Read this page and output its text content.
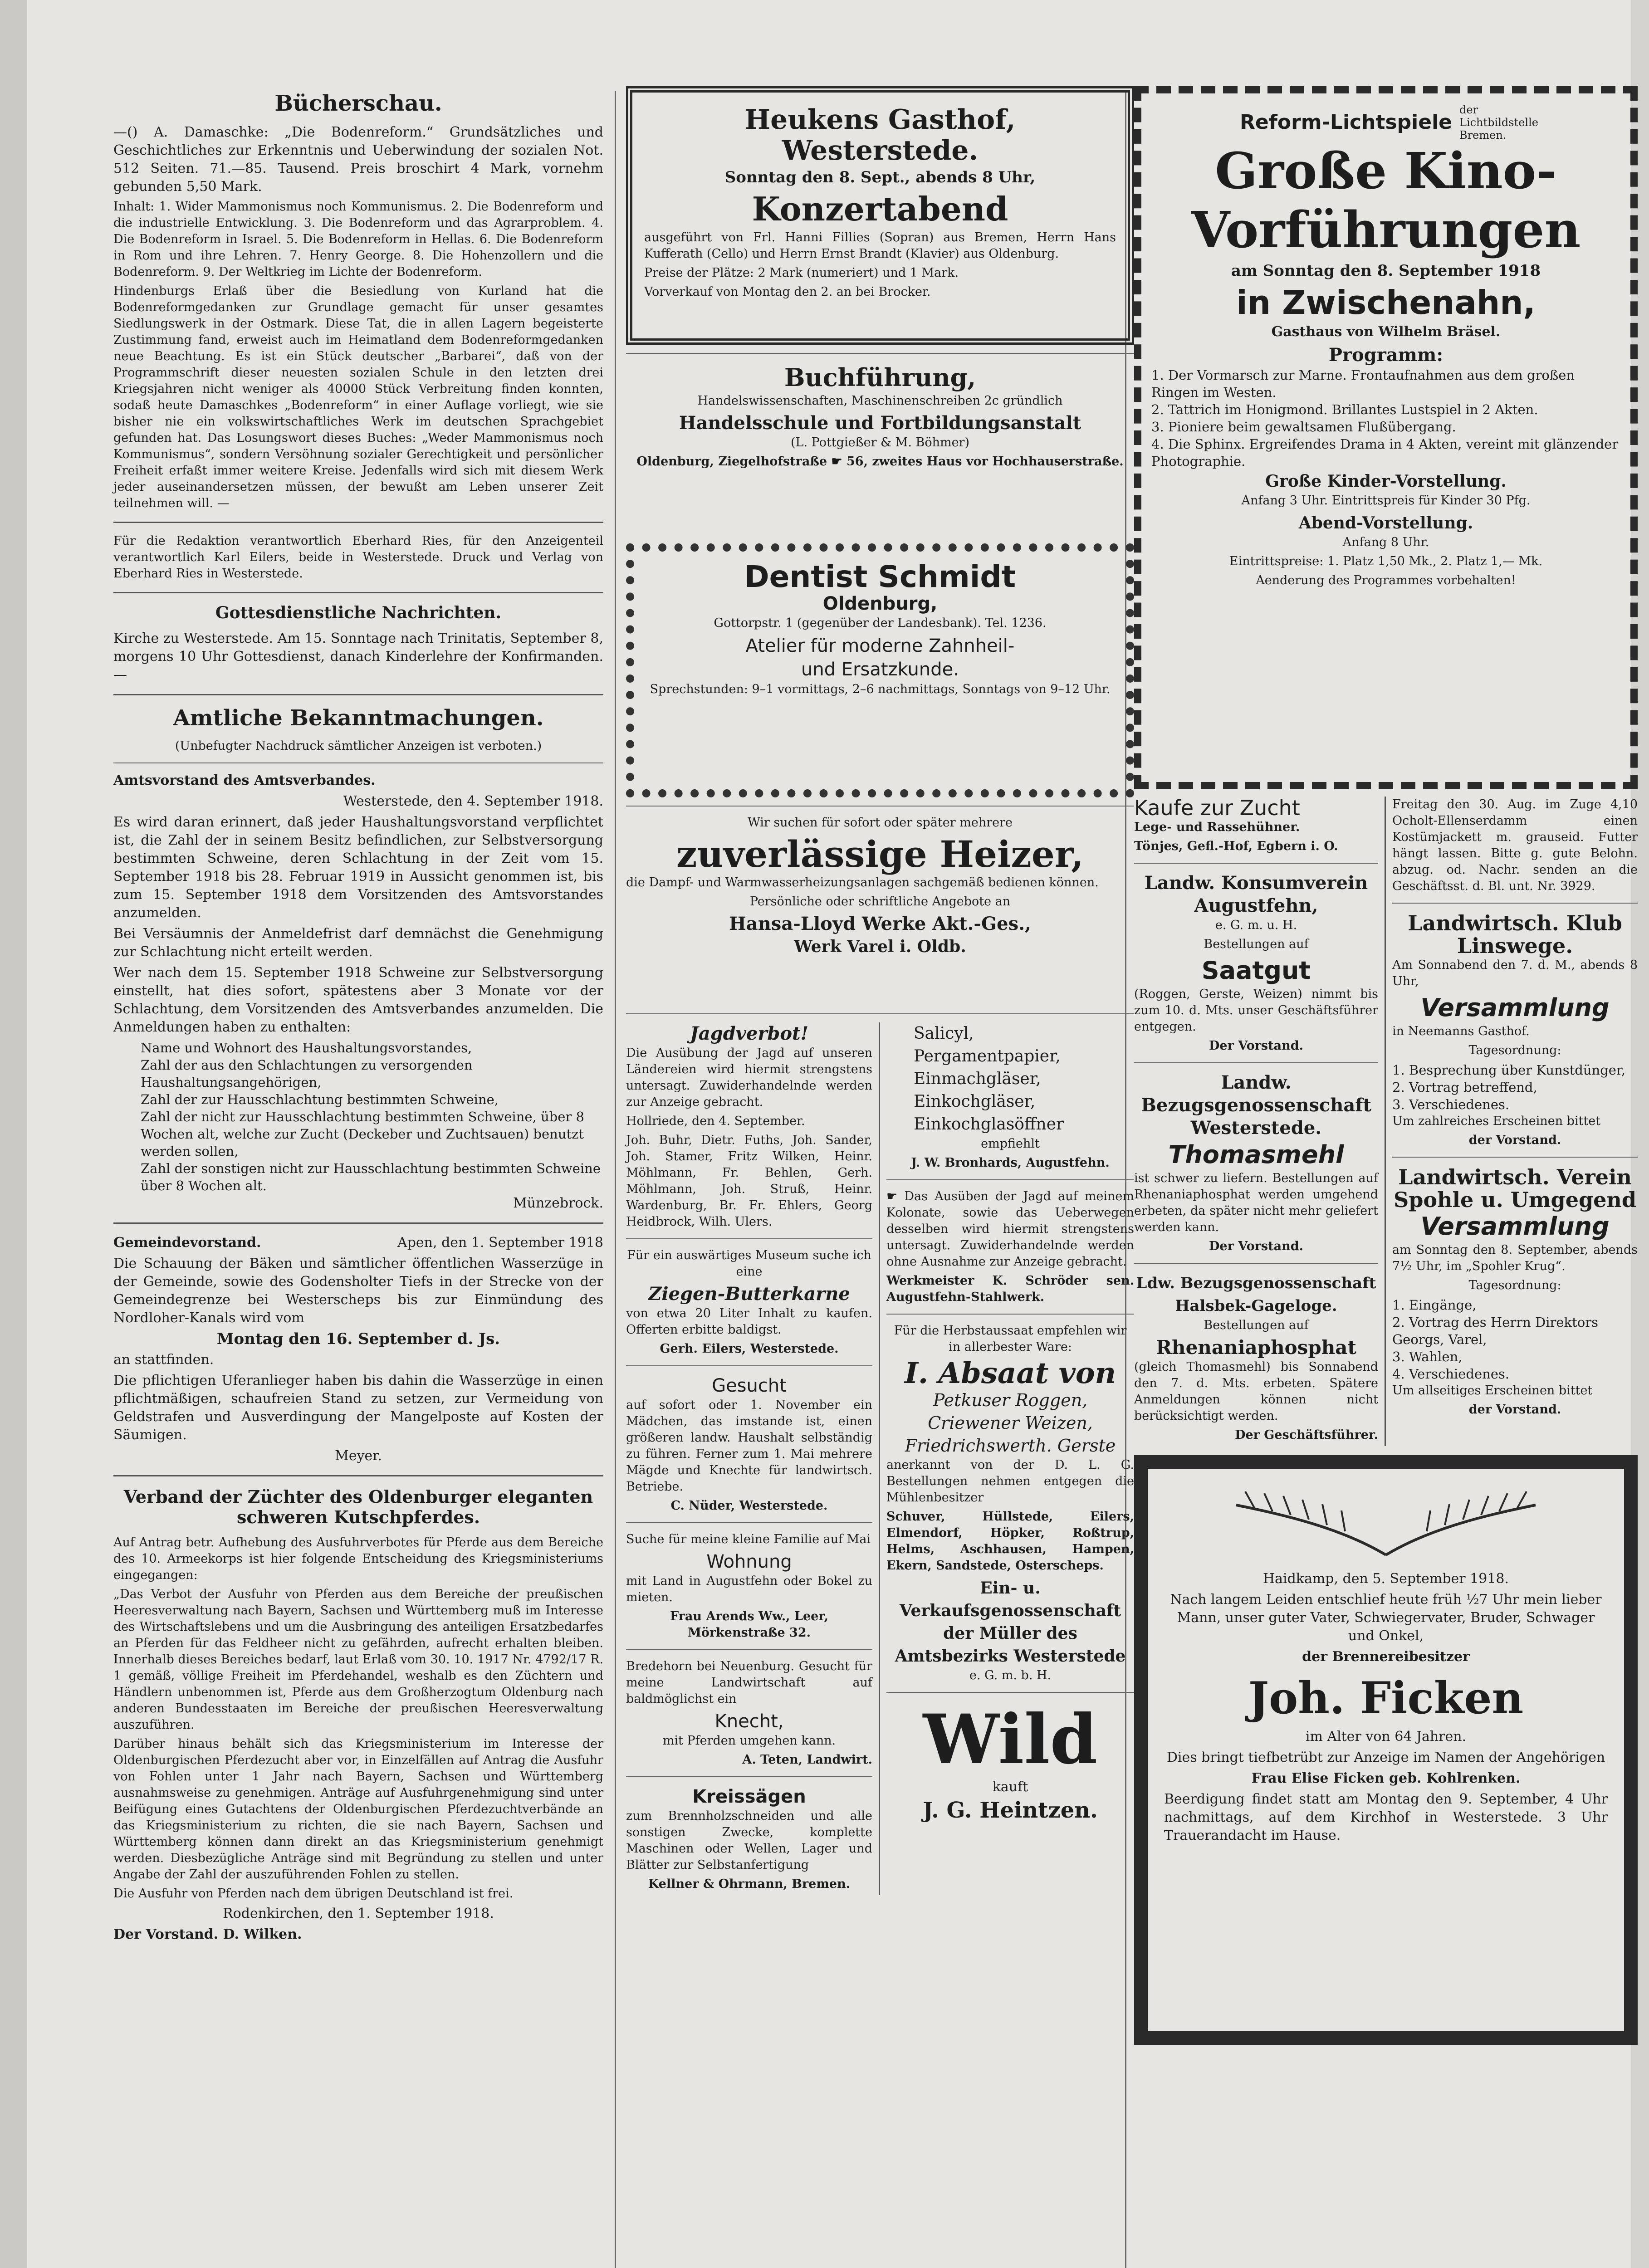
Bücherschau.

—() A. Damaschke: „Die Bodenreform.“ Grundsätzliches und Geschichtliches zur Erkenntnis und Ueberwindung der sozialen Not. 512 Seiten. 71.—85. Tausend. Preis broschirt 4 Mark, vornehm gebunden 5,50 Mark.

Inhalt: 1. Wider Mammonismus noch Kommunismus. 2. Die Bodenreform und die industrielle Entwicklung. 3. Die Bodenreform und das Agrarproblem. 4. Die Bodenreform in Israel. 5. Die Bodenreform in Hellas. 6. Die Bodenreform in Rom und ihre Lehren. 7. Henry George. 8. Die Hohenzollern und die Bodenreform. 9. Der Weltkrieg im Lichte der Bodenreform.

Hindenburgs Erlaß über die Besiedlung von Kurland hat die Bodenreformgedanken zur Grundlage gemacht für unser gesamtes Siedlungswerk in der Ostmark. Diese Tat, die in allen Lagern begeisterte Zustimmung fand, erweist auch im Heimatland dem Bodenreformgedanken neue Beachtung. Es ist ein Stück deutscher „Barbarei“, daß von der Programmschrift dieser neuesten sozialen Schule in den letzten drei Kriegsjahren nicht weniger als 40000 Stück Verbreitung finden konnten, sodaß heute Damaschkes „Bodenreform“ in einer Auflage vorliegt, wie sie bisher nie ein volkswirtschaftliches Werk im deutschen Sprachgebiet gefunden hat. Das Losungswort dieses Buches: „Weder Mammonismus noch Kommunismus“, sondern Versöhnung sozialer Gerechtigkeit und persönlicher Freiheit erfaßt immer weitere Kreise. Jedenfalls wird sich mit diesem Werk jeder auseinandersetzen müssen, der bewußt am Leben unserer Zeit teilnehmen will. —

Für die Redaktion verantwortlich Eberhard Ries, für den Anzeigenteil verantwortlich Karl Eilers, beide in Westerstede. Druck und Verlag von Eberhard Ries in Westerstede.

Gottesdienstliche Nachrichten.

Kirche zu Westerstede. Am 15. Sonntage nach Trinitatis, September 8, morgens 10 Uhr Gottesdienst, danach Kinderlehre der Konfirmanden. —

Amtliche Bekanntmachungen.

(Unbefugter Nachdruck sämtlicher Anzeigen ist verboten.)

Amtsvorstand des Amtsverbandes.

Westerstede, den 4. September 1918.

Es wird daran erinnert, daß jeder Haushaltungsvorstand verpflichtet ist, die Zahl der in seinem Besitz befindlichen, zur Selbstversorgung bestimmten Schweine, deren Schlachtung in der Zeit vom 15. September 1918 bis 28. Februar 1919 in Aussicht genommen ist, bis zum 15. September 1918 dem Vorsitzenden des Amtsvorstandes anzumelden.

Bei Versäumnis der Anmeldefrist darf demnächst die Genehmigung zur Schlachtung nicht erteilt werden.

Wer nach dem 15. September 1918 Schweine zur Selbstversorgung einstellt, hat dies sofort, spätestens aber 3 Monate vor der Schlachtung, dem Vorsitzenden des Amtsverbandes anzumelden. Die Anmeldungen haben zu enthalten:

Name und Wohnort des Haushaltungsvorstandes,
Zahl der aus den Schlachtungen zu versorgenden Haushaltungsangehörigen,
Zahl der zur Hausschlachtung bestimmten Schweine,
Zahl der nicht zur Hausschlachtung bestimmten Schweine, über 8 Wochen alt, welche zur Zucht (Deckeber und Zuchtsauen) benutzt werden sollen,
Zahl der sonstigen nicht zur Hausschlachtung bestimmten Schweine über 8 Wochen alt.

Münzebrock.

Gemeindevorstand.	Apen, den 1. September 1918

Die Schauung der Bäken und sämtlicher öffentlichen Wasserzüge in der Gemeinde, sowie des Godensholter Tiefs in der Strecke von der Gemeindegrenze bei Westerscheps bis zur Einmündung des Nordloher-Kanals wird vom

Montag den 16. September d. Js.

an stattfinden.

Die pflichtigen Uferanlieger haben bis dahin die Wasserzüge in einen pflichtmäßigen, schaufreien Stand zu setzen, zur Vermeidung von Geldstrafen und Ausverdingung der Mangelposte auf Kosten der Säumigen.

Meyer.

Verband der Züchter des Oldenburger eleganten schweren Kutschpferdes.

Auf Antrag betr. Aufhebung des Ausfuhrverbotes für Pferde aus dem Bereiche des 10. Armeekorps ist hier folgende Entscheidung des Kriegsministeriums eingegangen:

„Das Verbot der Ausfuhr von Pferden aus dem Bereiche der preußischen Heeresverwaltung nach Bayern, Sachsen und Württemberg muß im Interesse des Wirtschaftslebens und um die Ausbringung des anteiligen Ersatzbedarfes an Pferden für das Feldheer nicht zu gefährden, aufrecht erhalten bleiben. Innerhalb dieses Bereiches bedarf, laut Erlaß vom 30. 10. 1917 Nr. 4792/17 R. 1 gemäß, völlige Freiheit im Pferdehandel, weshalb es den Züchtern und Händlern unbenommen ist, Pferde aus dem Großherzogtum Oldenburg nach anderen Bundesstaaten im Bereiche der preußischen Heeresverwaltung auszuführen.

Darüber hinaus behält sich das Kriegsministerium im Interesse der Oldenburgischen Pferdezucht aber vor, in Einzelfällen auf Antrag die Ausfuhr von Fohlen unter 1 Jahr nach Bayern, Sachsen und Württemberg ausnahmsweise zu genehmigen. Anträge auf Ausfuhrgenehmigung sind unter Beifügung eines Gutachtens der Oldenburgischen Pferdezuchtverbände an das Kriegsministerium zu richten, die sie nach Bayern, Sachsen und Württemberg können dann direkt an das Kriegsministerium genehmigt werden. Diesbezügliche Anträge sind mit Begründung zu stellen und unter Angabe der Zahl der auszuführenden Fohlen zu stellen.

Die Ausfuhr von Pferden nach dem übrigen Deutschland ist frei.

Rodenkirchen, den 1. September 1918.

Der Vorstand. D. Wilken.

Heukens Gasthof, Westerstede.
Sonntag den 8. Sept., abends 8 Uhr,
Konzertabend

ausgeführt von Frl. Hanni Fillies (Sopran) aus Bremen, Herrn Hans Kufferath (Cello) und Herrn Ernst Brandt (Klavier) aus Oldenburg.

Preise der Plätze: 2 Mark (numeriert) und 1 Mark.

Vorverkauf von Montag den 2. an bei Brocker.

Buchführung,

Handelswissenschaften, Maschinenschreiben 2c gründlich

Handelsschule und Fortbildungsanstalt

(L. Pottgießer & M. Böhmer)

Oldenburg, Ziegelhofstraße ☛ 56, zweites Haus vor Hochhauserstraße.

Dentist Schmidt
Oldenburg,

Gottorpstr. 1 (gegenüber der Landesbank). Tel. 1236.

Atelier für moderne Zahnheil-
und Ersatzkunde.

Sprechstunden: 9–1 vormittags, 2–6 nachmittags, Sonntags von 9–12 Uhr.

Wir suchen für sofort oder später mehrere

zuverlässige Heizer,

die Dampf- und Warmwasserheizungsanlagen sachgemäß bedienen können.

Persönliche oder schriftliche Angebote an

Hansa-Lloyd Werke Akt.-Ges.,
Werk Varel i. Oldb.
Jagdverbot!

Die Ausübung der Jagd auf unseren Ländereien wird hiermit strengstens untersagt. Zuwiderhandelnde werden zur Anzeige gebracht.

Hollriede, den 4. September.

Joh. Buhr, Dietr. Fuths, Joh. Sander, Joh. Stamer, Fritz Wilken, Heinr. Möhlmann, Fr. Behlen, Gerh. Möhlmann, Joh. Struß, Heinr. Wardenburg, Br. Fr. Ehlers, Georg Heidbrock, Wilh. Ulers.

Für ein auswärtiges Museum suche ich eine

Ziegen-Butterkarne

von etwa 20 Liter Inhalt zu kaufen. Offerten erbitte baldigst.

Gerh. Eilers, Westerstede.

Gesucht

auf sofort oder 1. November ein Mädchen, das imstande ist, einen größeren landw. Haushalt selbständig zu führen. Ferner zum 1. Mai mehrere Mägde und Knechte für landwirtsch. Betriebe.

C. Nüder, Westerstede.

Suche für meine kleine Familie auf Mai

Wohnung

mit Land in Augustfehn oder Bokel zu mieten.

Frau Arends Ww., Leer, Mörkenstraße 32.

Bredehorn bei Neuenburg. Gesucht für meine Landwirtschaft auf baldmöglichst ein

Knecht,

mit Pferden umgehen kann.

A. Teten, Landwirt.

Kreissägen

zum Brennholzschneiden und alle sonstigen Zwecke, komplette Maschinen oder Wellen, Lager und Blätter zur Selbstanfertigung

Kellner & Ohrmann, Bremen.

Salicyl,
Pergamentpapier,
Einmachgläser,
Einkochgläser,
Einkochglasöffner

empfiehlt

J. W. Bronhards, Augustfehn.

☛ Das Ausüben der Jagd auf meinem Kolonate, sowie das Ueberwegen desselben wird hiermit strengstens untersagt. Zuwiderhandelnde werden ohne Ausnahme zur Anzeige gebracht.

Werkmeister K. Schröder sen. Augustfehn-Stahlwerk.

Für die Herbstaussaat empfehlen wir in allerbester Ware:

I. Absaat von
Petkuser Roggen,
Criewener Weizen,
Friedrichswerth. Gerste

anerkannt von der D. L. G. Bestellungen nehmen entgegen die Mühlenbesitzer

Schuver, Hüllstede, Eilers, Elmendorf, Höpker, Roßtrup, Helms, Aschhausen, Hampen, Ekern, Sandstede, Osterscheps.

Ein- u. Verkaufsgenossenschaft der Müller des Amtsbezirks Westerstede

e. G. m. b. H.

Wild

kauft

J. G. Heintzen.
Reform-Lichtspiele
der Lichtbildstelle Bremen.
Große Kino-
Vorführungen
am Sonntag den 8. September 1918
in Zwischenahn,

Gasthaus von Wilhelm Bräsel.

Programm:
1. Der Vormarsch zur Marne. Frontaufnahmen aus dem großen Ringen im Westen.
2. Tattrich im Honigmond. Brillantes Lustspiel in 2 Akten.
3. Pioniere beim gewaltsamen Flußübergang.
4. Die Sphinx. Ergreifendes Drama in 4 Akten, vereint mit glänzender Photographie.
Große Kinder-Vorstellung.

Anfang 3 Uhr. Eintrittspreis für Kinder 30 Pfg.

Abend-Vorstellung.

Anfang 8 Uhr.

Eintrittspreise: 1. Platz 1,50 Mk., 2. Platz 1,— Mk.

Aenderung des Programmes vorbehalten!

Kaufe zur Zucht

Lege- und Rassehühner.

Tönjes, Gefl.-Hof, Egbern i. O.

Landw. Konsumverein Augustfehn,

e. G. m. u. H.

Bestellungen auf

Saatgut

(Roggen, Gerste, Weizen) nimmt bis zum 10. d. Mts. unser Geschäftsführer entgegen.

Der Vorstand.

Landw. Bezugsgenossenschaft Westerstede.
Thomasmehl

ist schwer zu liefern. Bestellungen auf Rhenaniaphosphat werden umgehend erbeten, da später nicht mehr geliefert werden kann.

Der Vorstand.

Ldw. Bezugsgenossenschaft Halsbek-Gageloge.

Bestellungen auf

Rhenaniaphosphat

(gleich Thomasmehl) bis Sonnabend den 7. d. Mts. erbeten. Spätere Anmeldungen können nicht berücksichtigt werden.

Der Geschäftsführer.

Freitag den 30. Aug. im Zuge 4,10 Ocholt-Ellenserdamm einen Kostümjackett m. grauseid. Futter hängt lassen. Bitte g. gute Belohn. abzug. od. Nachr. senden an die Geschäftsst. d. Bl. unt. Nr. 3929.

Landwirtsch. Klub Linswege.

Am Sonnabend den 7. d. M., abends 8 Uhr,

Versammlung

in Neemanns Gasthof.

Tagesordnung:

1. Besprechung über Kunstdünger,
2. Vortrag betreffend,
3. Verschiedenes.

Um zahlreiches Erscheinen bittet

der Vorstand.

Landwirtsch. Verein Spohle u. Umgegend
Versammlung

am Sonntag den 8. September, abends 7½ Uhr, im „Spohler Krug“.

Tagesordnung:

1. Eingänge,
2. Vortrag des Herrn Direktors Georgs, Varel,
3. Wahlen,
4. Verschiedenes.

Um allseitiges Erscheinen bittet

der Vorstand.

Haidkamp, den 5. September 1918.

Nach langem Leiden entschlief heute früh ½7 Uhr mein lieber Mann, unser guter Vater, Schwiegervater, Bruder, Schwager und Onkel,

der Brennereibesitzer

Joh. Ficken

im Alter von 64 Jahren.

Dies bringt tiefbetrübt zur Anzeige im Namen der Angehörigen

Frau Elise Ficken geb. Kohlrenken.

Beerdigung findet statt am Montag den 9. September, 4 Uhr nachmittags, auf dem Kirchhof in Westerstede. 3 Uhr Trauerandacht im Hause.
